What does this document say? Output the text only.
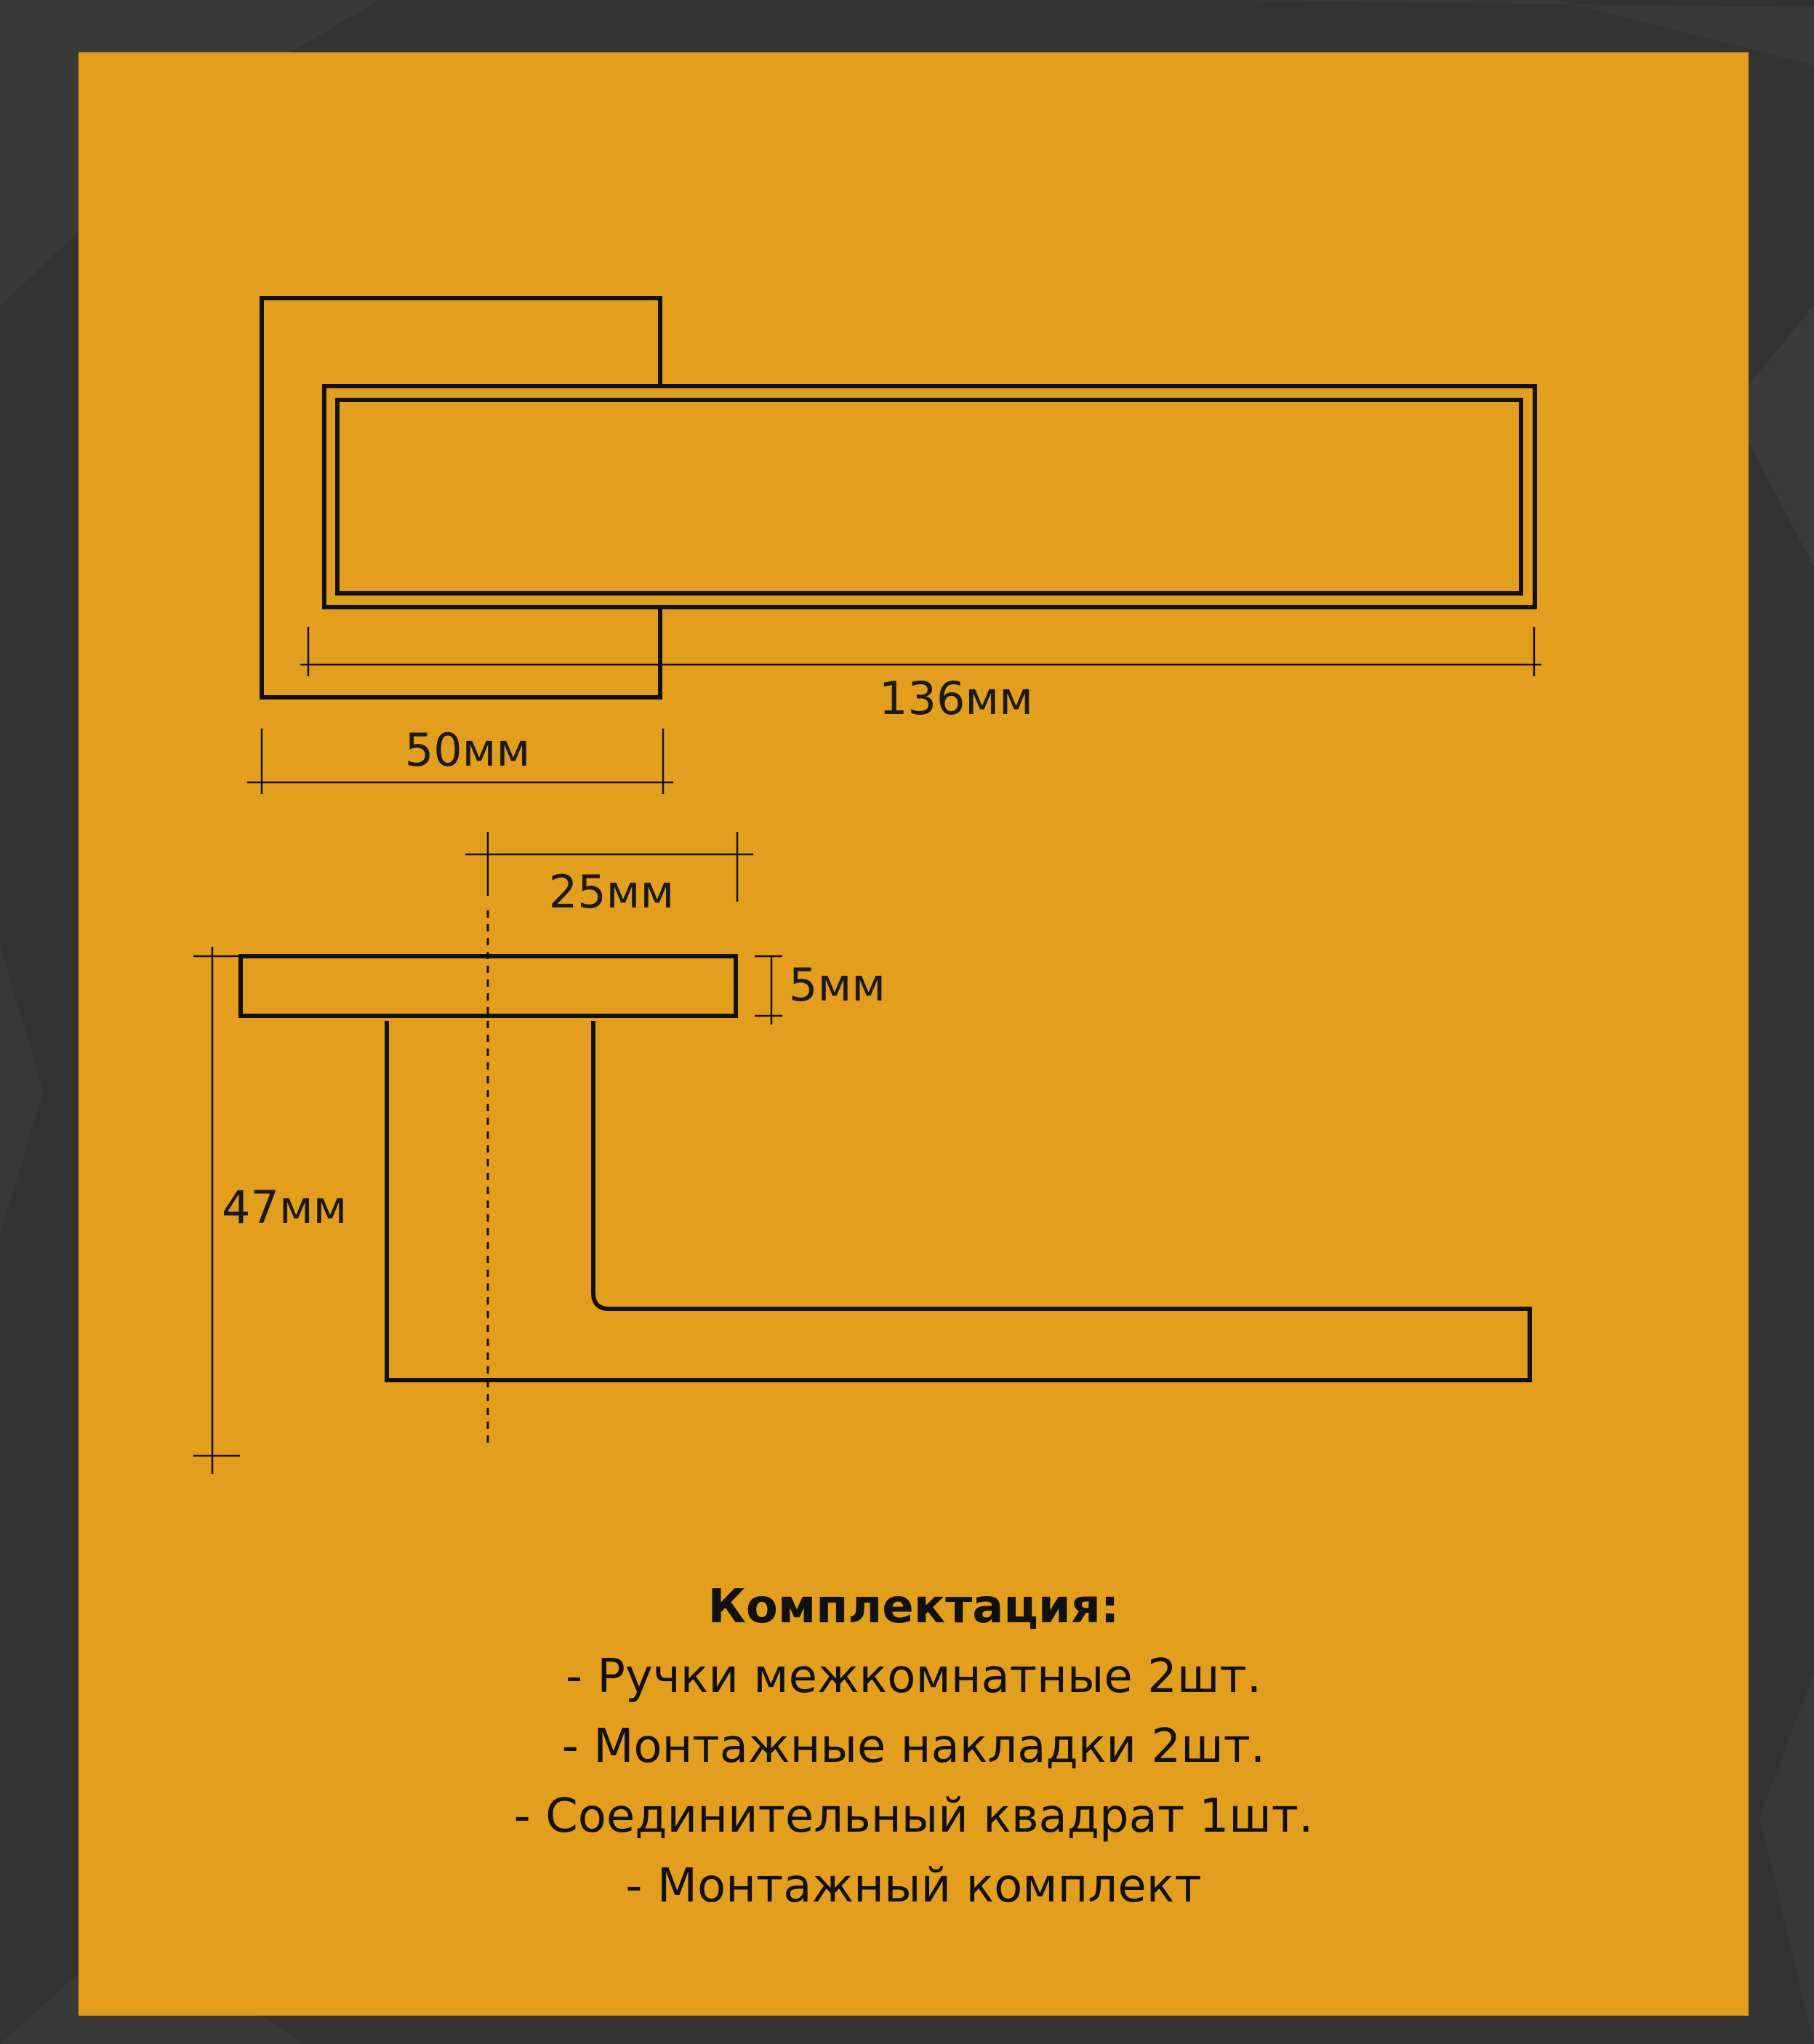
136мм
50мм
25мм
5мм
47мм
Комплектация:
- Ручки межкомнатные 2шт.
- Монтажные накладки 2шт.
- Соединительный квадрат 1шт.
- Монтажный комплект
